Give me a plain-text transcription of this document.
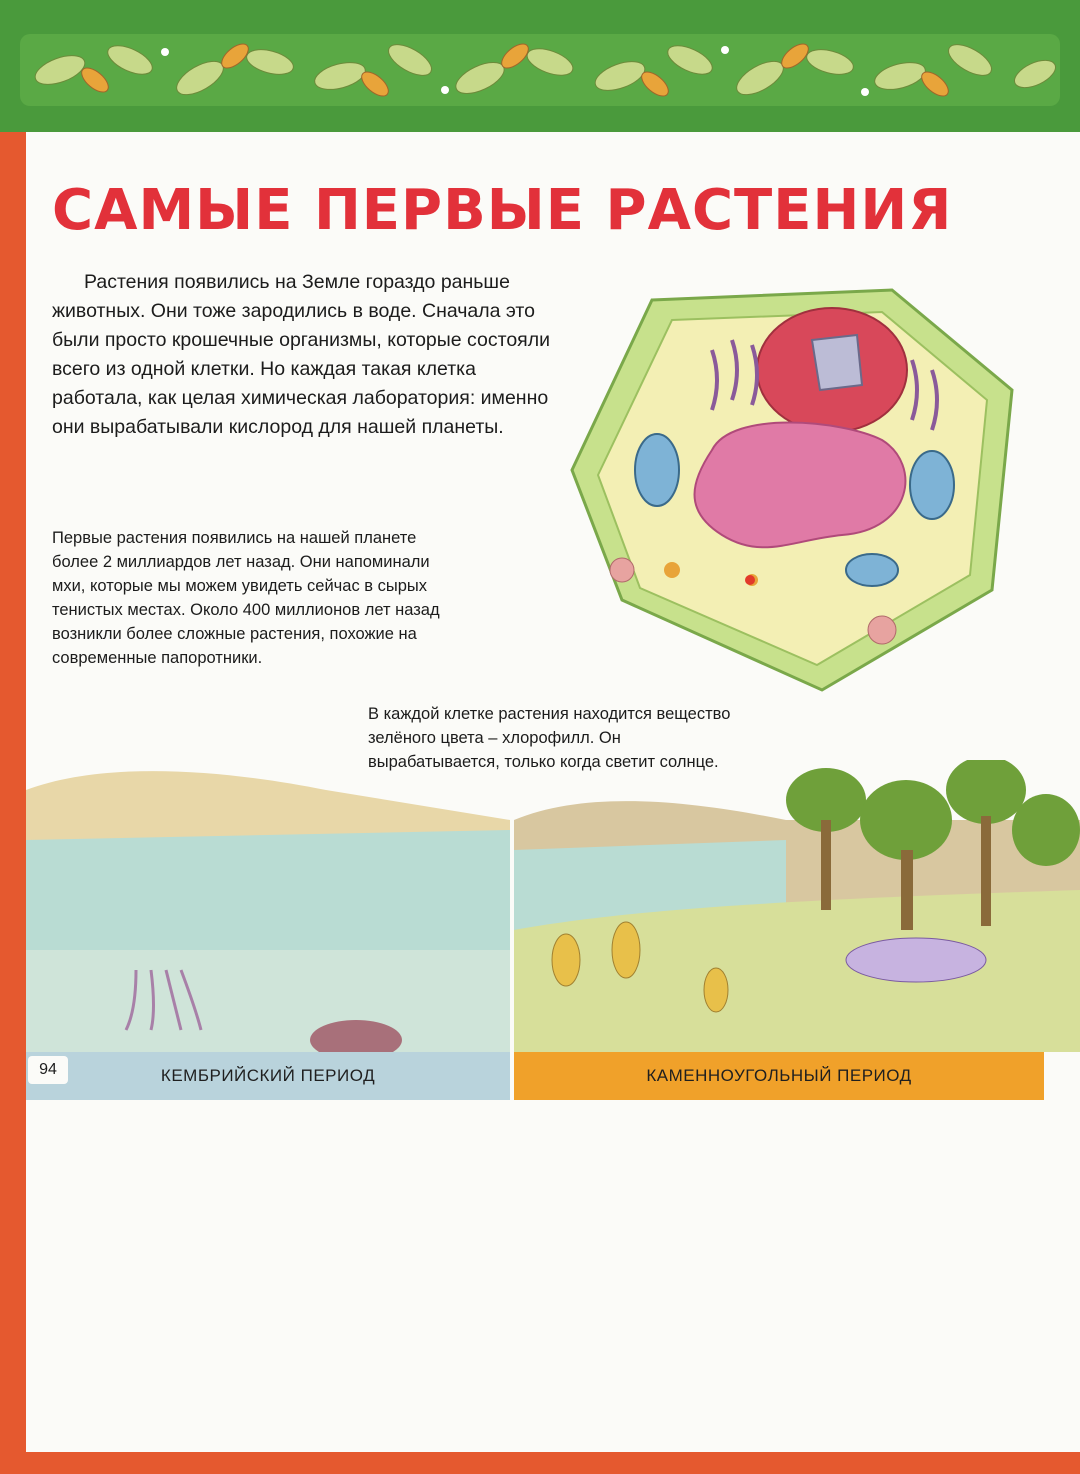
САМЫЕ ПЕРВЫЕ РАСТЕНИЯ

Растения появились на Земле гораздо раньше животных. Они тоже зародились в воде. Сначала это были просто крошечные организмы, которые состояли всего из одной клетки. Но каждая такая клетка работала, как целая химическая лаборатория: именно они вырабатывали кислород для нашей планеты.

Первые растения появились на нашей планете более 2 миллиардов лет назад. Они напоминали мхи, которые мы можем увидеть сейчас в сырых тенистых местах. Около 400 миллионов лет назад возникли более сложные растения, похожие на современные папоротники.

В каждой клетке растения находится вещество зелёного цвета – хлорофилл. Он вырабатывается, только когда светит солнце.

КЕМБРИЙСКИЙ ПЕРИОД	КАМЕННОУГОЛЬНЫЙ ПЕРИОД
94
